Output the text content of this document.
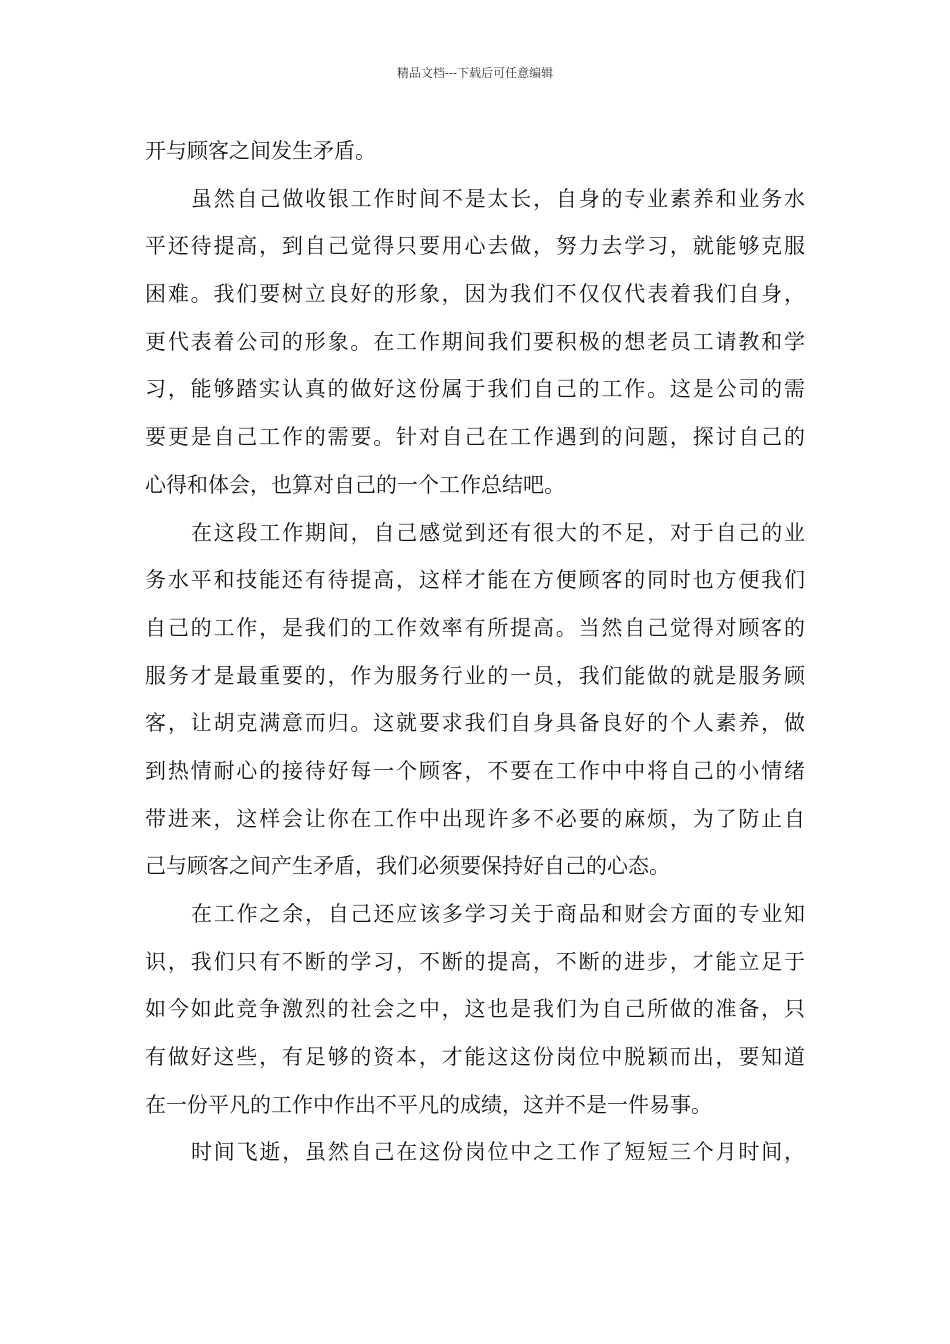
精品文档---下载后可任意编辑
开与顾客之间发生矛盾。
虽然自己做收银工作时间不是太长，自身的专业素养和业务水
平还待提高，到自己觉得只要用心去做，努力去学习，就能够克服
困难。我们要树立良好的形象，因为我们不仅仅代表着我们自身，
更代表着公司的形象。在工作期间我们要积极的想老员工请教和学
习，能够踏实认真的做好这份属于我们自己的工作。这是公司的需
要更是自己工作的需要。针对自己在工作遇到的问题，探讨自己的
心得和体会，也算对自己的一个工作总结吧。
在这段工作期间，自己感觉到还有很大的不足，对于自己的业
务水平和技能还有待提高，这样才能在方便顾客的同时也方便我们
自己的工作，是我们的工作效率有所提高。当然自己觉得对顾客的
服务才是最重要的，作为服务行业的一员，我们能做的就是服务顾
客，让胡克满意而归。这就要求我们自身具备良好的个人素养，做
到热情耐心的接待好每一个顾客，不要在工作中中将自己的小情绪
带进来，这样会让你在工作中出现许多不必要的麻烦，为了防止自
己与顾客之间产生矛盾，我们必须要保持好自己的心态。
在工作之余，自己还应该多学习关于商品和财会方面的专业知
识，我们只有不断的学习，不断的提高，不断的进步，才能立足于
如今如此竞争激烈的社会之中，这也是我们为自己所做的准备，只
有做好这些，有足够的资本，才能这这份岗位中脱颖而出，要知道
在一份平凡的工作中作出不平凡的成绩，这并不是一件易事。
时间飞逝，虽然自己在这份岗位中之工作了短短三个月时间，
